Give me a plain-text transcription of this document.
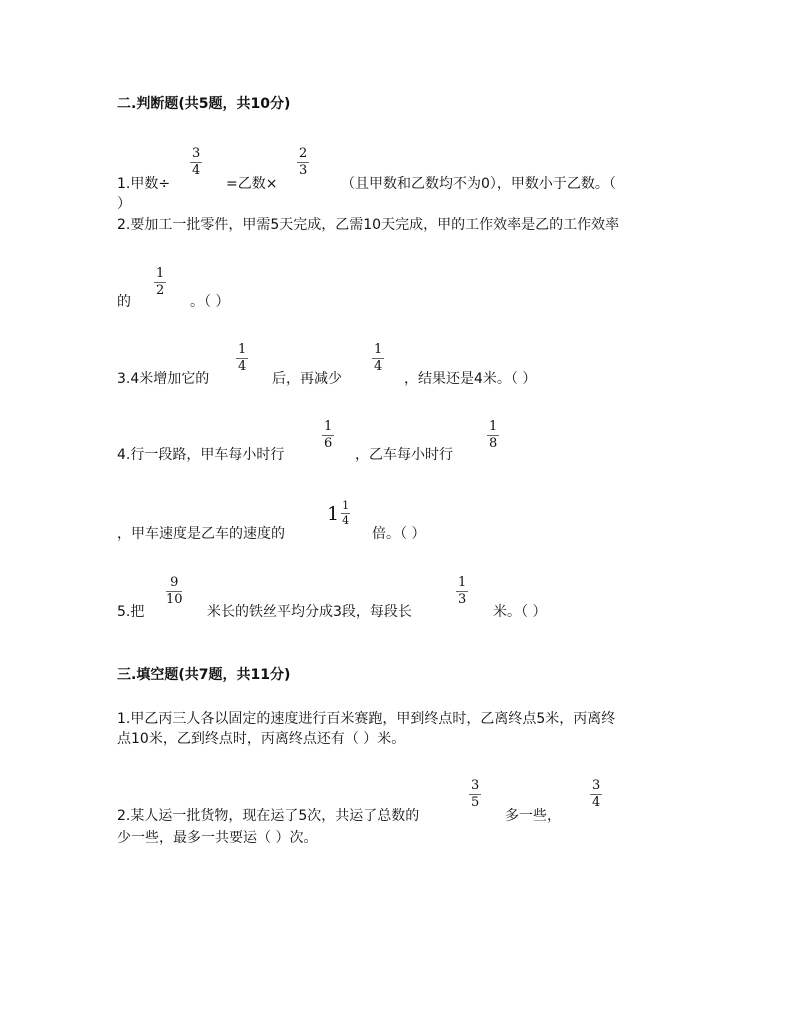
二.判断题(共5题，共10分)
1.甲数÷
3
4
=乙数×
2
3
（且甲数和乙数均不为0），甲数小于乙数。（
）
2.要加工一批零件，甲需5天完成，乙需10天完成，甲的工作效率是乙的工作效率
的
1
2
。（ ）
3.4米增加它的
1
4
后，再减少
1
4
，结果还是4米。（ ）
4.行一段路，甲车每小时行
1
6
，乙车每小时行
1
8
，甲车速度是乙车的速度的
$1 \frac{1}{4}$
倍。（ ）
5.把
9
10
米长的铁丝平均分成3段，每段长
1
3
米。（ ）
三.填空题(共7题，共11分)
1.甲乙丙三人各以固定的速度进行百米赛跑，甲到终点时，乙离终点5米，丙离终
点10米，乙到终点时，丙离终点还有（ ）米。
2.某人运一批货物，现在运了5次，共运了总数的
3
5
多一些，
3
4
少一些，最多一共要运（ ）次。
